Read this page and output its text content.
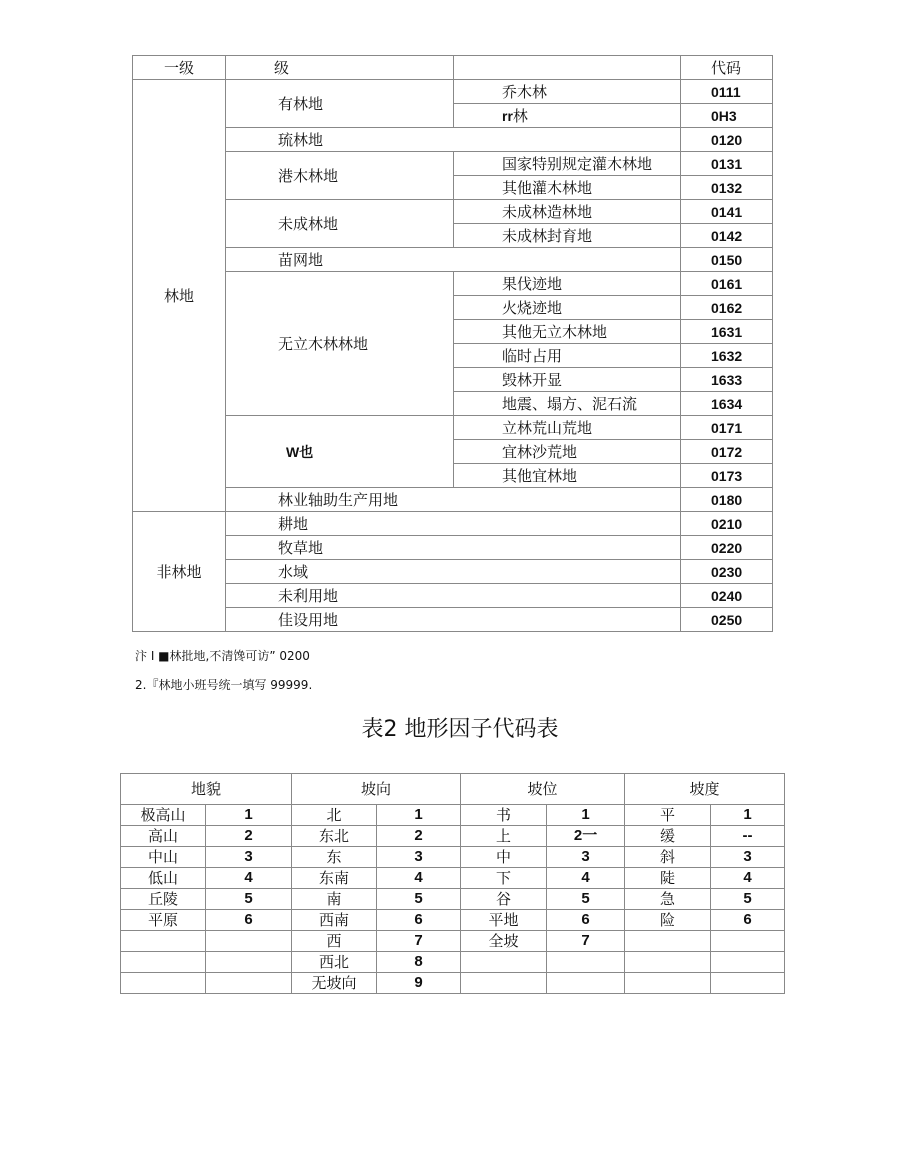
一级	级		代码
林地	有林地	乔木林	0111
		rr林	0H3
	琉林地		0120
	港木林地	国家特别规定灌木林地	0131
		其他灌木林地	0132
	未成林地	未成林造林地	0141
		未成林封育地	0142
	苗网地		0150
	无立木林林地	果伐迹地	0161
		火烧迹地	0162
		其他无立木林地	1631
		临时占用	1632
		毁林开显	1633
		地震、塌方、泥石流	1634
	W也	立林荒山荒地	0171
		宜林沙荒地	0172
		其他宜林地	0173
	林业轴助生产用地		0180

非林地	耕地		0210
	牧草地		0220
	水域		0230
	未利用地		0240
	佳设用地		0250
汴 I ■林批地,不清馋可访” 0200
2.『林地小班号统一填写 99999.
表2 地形因子代码表
地貌		坡向		坡位		坡度	
极高山	1	北	1	书	1	平	1
高山	2	东北	2	上	2一	缓	--
中山	3	东	3	中	3	斜	3
低山	4	东南	4	下	4	陡	4
丘陵	5	南	5	谷	5	急	5
平原	6	西南	6	平地	6	险	6
		西	7	全坡	7		
		西北	8				
		无坡向	9				
